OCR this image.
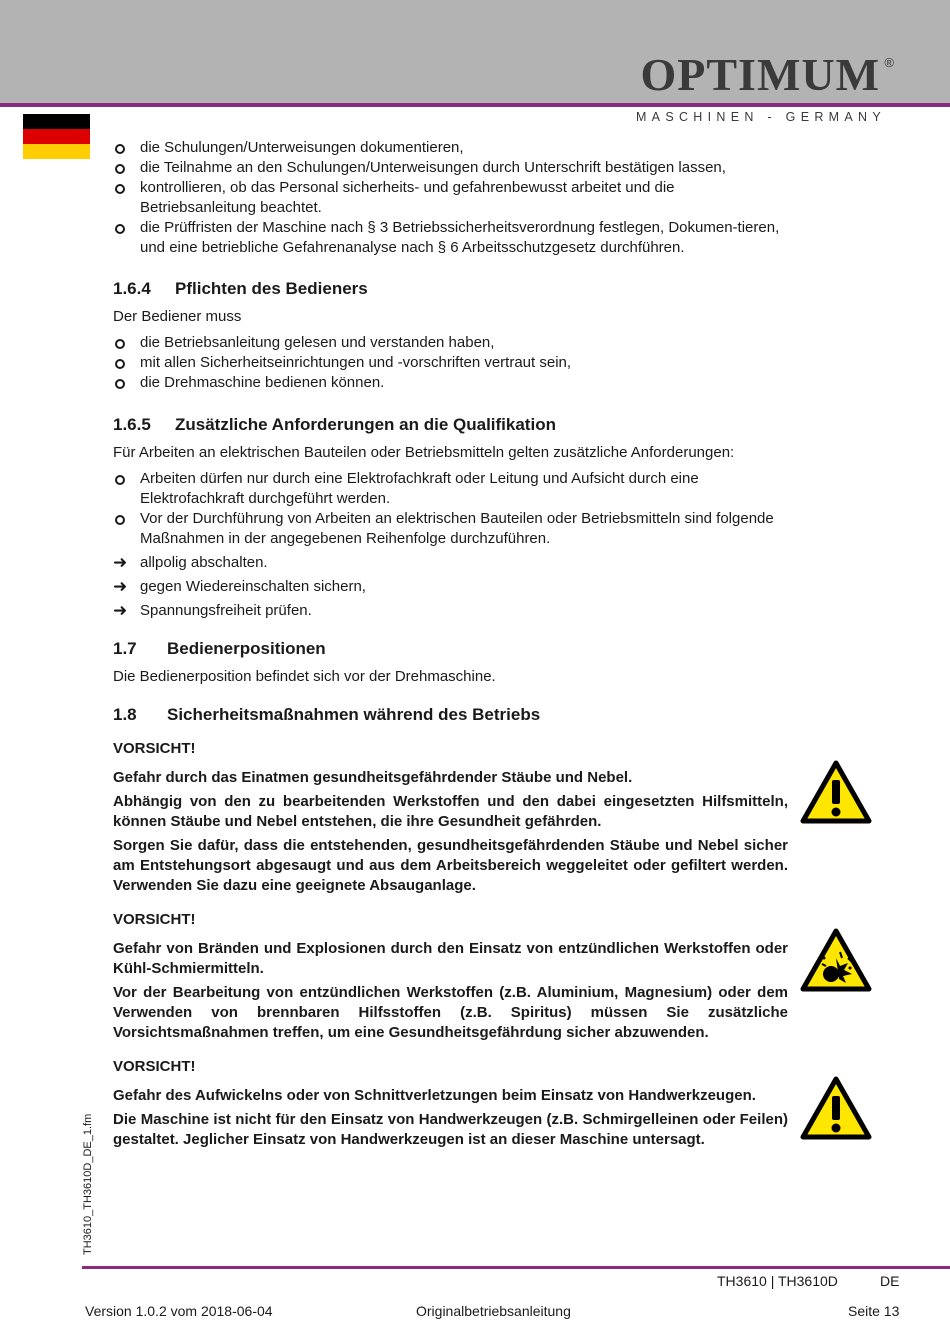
OPTIMUM ®
MASCHINEN - GERMANY
die Schulungen/Unterweisungen dokumentieren,
die Teilnahme an den Schulungen/Unterweisungen durch Unterschrift bestätigen lassen,
kontrollieren, ob das Personal sicherheits- und gefahrenbewusst arbeitet und die Betriebsanleitung beachtet.
die Prüffristen der Maschine nach § 3 Betriebssicherheitsverordnung festlegen, Dokumen-tieren, und eine betriebliche Gefahrenanalyse nach § 6 Arbeitsschutzgesetz durchführen.
1.6.4 Pflichten des Bedieners
Der Bediener muss
die Betriebsanleitung gelesen und verstanden haben,
mit allen Sicherheitseinrichtungen und -vorschriften vertraut sein,
die Drehmaschine bedienen können.
1.6.5 Zusätzliche Anforderungen an die Qualifikation
Für Arbeiten an elektrischen Bauteilen oder Betriebsmitteln gelten zusätzliche Anforderungen:
Arbeiten dürfen nur durch eine Elektrofachkraft oder Leitung und Aufsicht durch eine Elektrofachkraft durchgeführt werden.
Vor der Durchführung von Arbeiten an elektrischen Bauteilen oder Betriebsmitteln sind folgende Maßnahmen in der angegebenen Reihenfolge durchzuführen.
➜ allpolig abschalten.
➜ gegen Wiedereinschalten sichern,
➜ Spannungsfreiheit prüfen.
1.7 Bedienerpositionen
Die Bedienerposition befindet sich vor der Drehmaschine.
1.8 Sicherheitsmaßnahmen während des Betriebs
VORSICHT!
Gefahr durch das Einatmen gesundheitsgefährdender Stäube und Nebel.
Abhängig von den zu bearbeitenden Werkstoffen und den dabei eingesetzten Hilfsmitteln, können Stäube und Nebel entstehen, die ihre Gesundheit gefährden.
Sorgen Sie dafür, dass die entstehenden, gesundheitsgefährdenden Stäube und Nebel sicher am Entstehungsort abgesaugt und aus dem Arbeitsbereich weggeleitet oder gefiltert werden. Verwenden Sie dazu eine geeignete Absauganlage.
VORSICHT!
Gefahr von Bränden und Explosionen durch den Einsatz von entzündlichen Werkstoffen oder Kühl-Schmiermitteln.
Vor der Bearbeitung von entzündlichen Werkstoffen (z.B. Aluminium, Magnesium) oder dem Verwenden von brennbaren Hilfsstoffen (z.B. Spiritus) müssen Sie zusätzliche Vorsichtsmaßnahmen treffen, um eine Gesundheitsgefährdung sicher abzuwenden.
VORSICHT!
Gefahr des Aufwickelns oder von Schnittverletzungen beim Einsatz von Handwerkzeugen.
Die Maschine ist nicht für den Einsatz von Handwerkzeugen (z.B. Schmirgelleinen oder Feilen) gestaltet. Jeglicher Einsatz von Handwerkzeugen ist an dieser Maschine untersagt.
TH3610_TH3610D_DE_1.fm
TH3610 | TH3610D	DE
Version 1.0.2 vom 2018-06-04	Originalbetriebsanleitung	Seite 13
